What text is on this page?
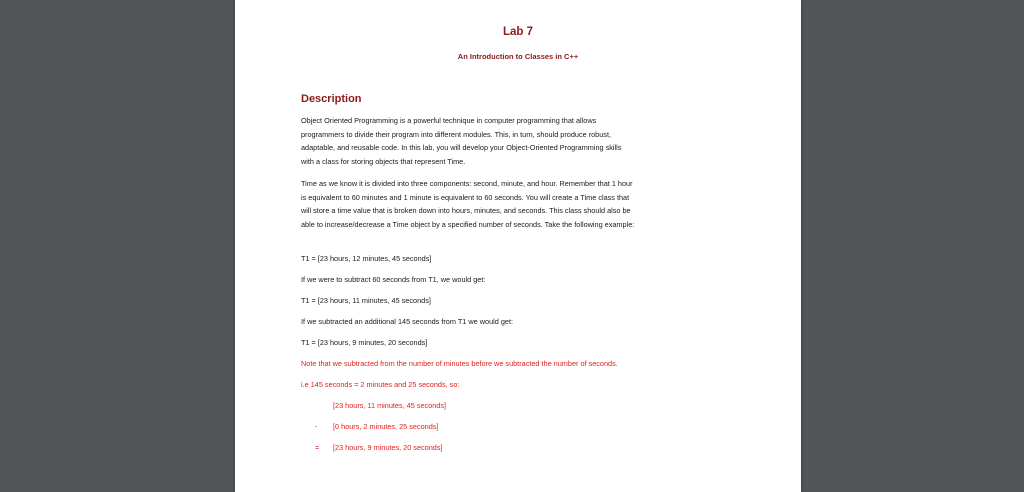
Lab 7
An Introduction to Classes in C++
Description
Object Oriented Programming is a powerful technique in computer programming that allows
programmers to divide their program into different modules. This, in turn, should produce robust,
adaptable, and reusable code. In this lab, you will develop your Object-Oriented Programming skills
with a class for storing objects that represent Time.
Time as we know it is divided into three components: second, minute, and hour. Remember that 1 hour
is equivalent to 60 minutes and 1 minute is equivalent to 60 seconds. You will create a Time class that
will store a time value that is broken down into hours, minutes, and seconds. This class should also be
able to increase/decrease a Time object by a specified number of seconds. Take the following example:
T1 = [23 hours, 12 minutes, 45 seconds]
If we were to subtract 60 seconds from T1, we would get:
T1 = [23 hours, 11 minutes, 45 seconds]
If we subtracted an additional 145 seconds from T1 we would get:
T1 = [23 hours, 9 minutes, 20 seconds]
Note that we subtracted from the number of minutes before we subtracted the number of seconds.
i.e 145 seconds = 2 minutes and 25 seconds, so:
[23 hours, 11 minutes, 45 seconds]
- [0 hours, 2 minutes, 25 seconds]
= [23 hours, 9 minutes, 20 seconds]
